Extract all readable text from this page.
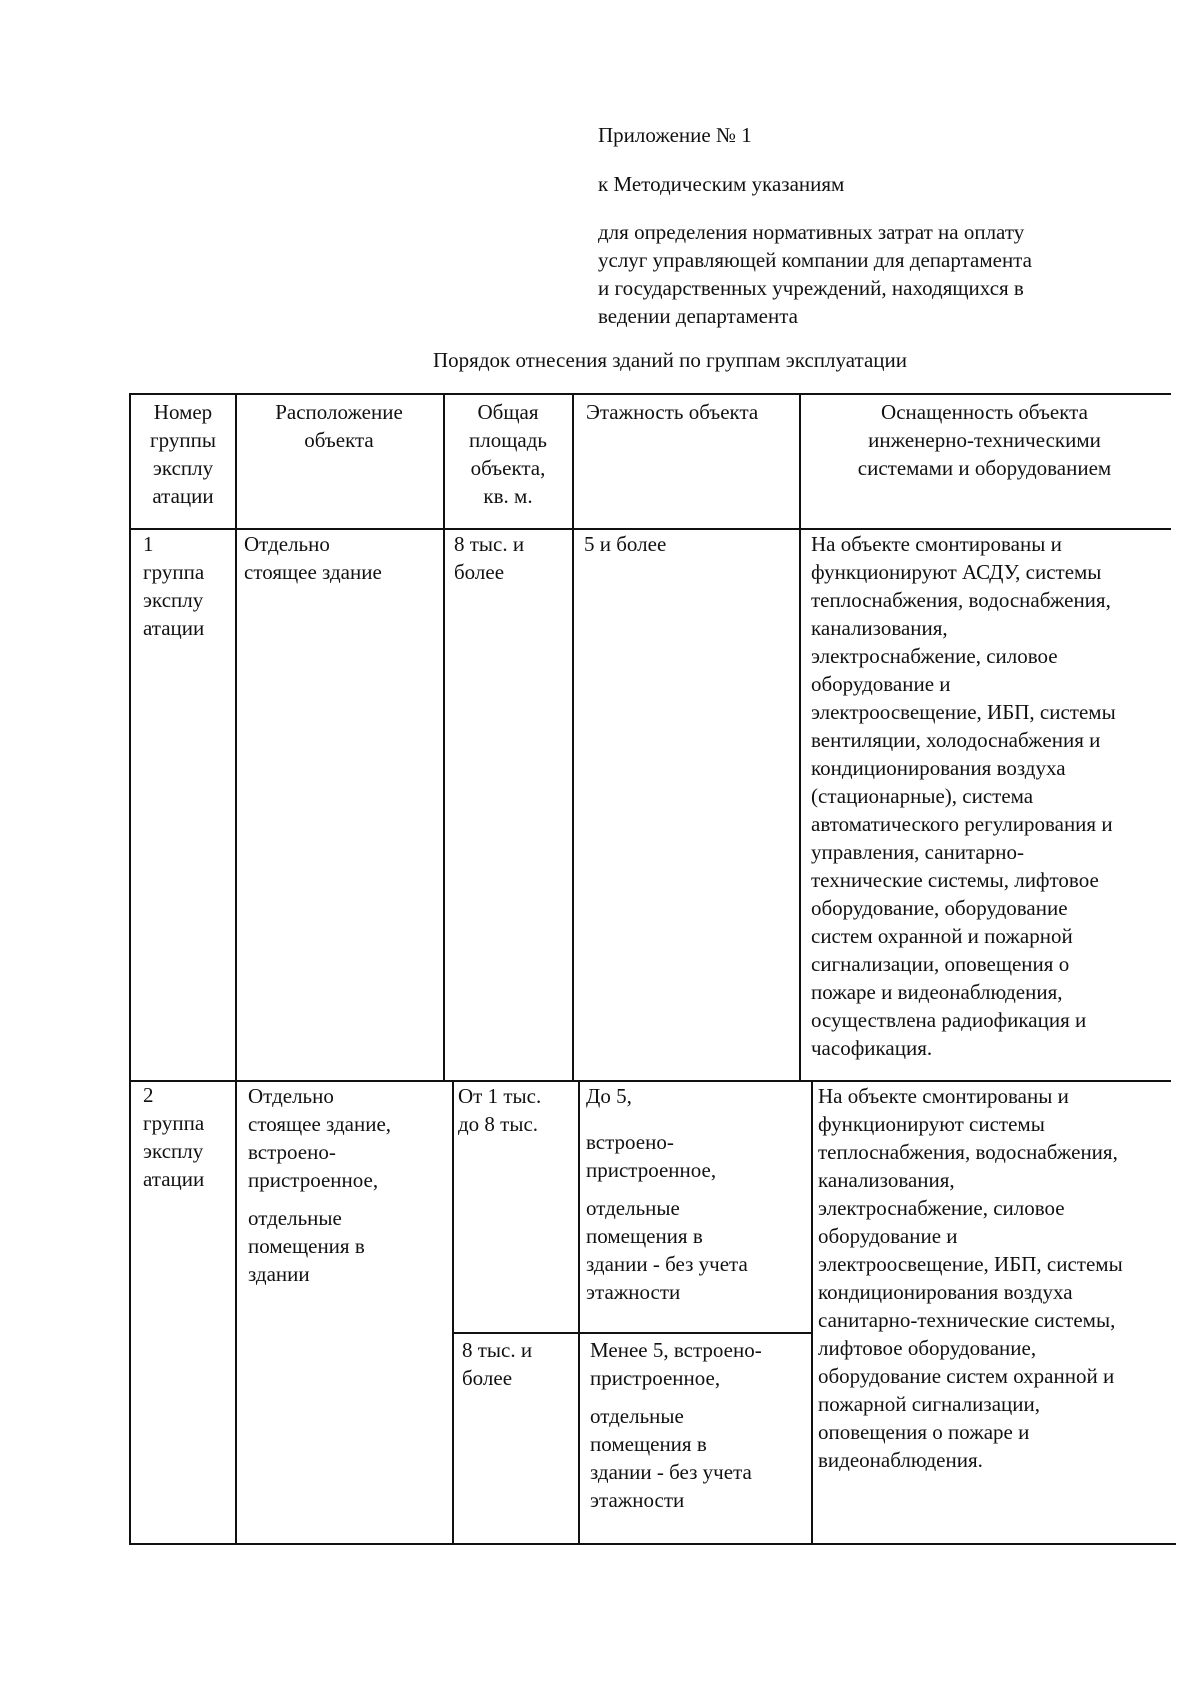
Приложение № 1
к Методическим указаниям
для определения нормативных затрат на оплату
услуг управляющей компании для департамента
и государственных учреждений, находящихся в
ведении департамента
Порядок отнесения зданий по группам эксплуатации
Номер
группы
эксплу
атации
Расположение
объекта
Общая
площадь
объекта,
кв. м.
Этажность объекта	Оснащенность объекта
инженерно-техническими
системами и оборудованием
1
группа
эксплу
атации
Отдельно
стоящее здание
8 тыс. и
более
5 и более	На объекте смонтированы и
функционируют АСДУ, системы
теплоснабжения, водоснабжения,
канализования,
электроснабжение, силовое
оборудование и
электроосвещение, ИБП, системы
вентиляции, холодоснабжения и
кондиционирования воздуха
(стационарные), система
автоматического регулирования и
управления, санитарно-
технические системы, лифтовое
оборудование, оборудование
систем охранной и пожарной
сигнализации, оповещения о
пожаре и видеонаблюдения,
осуществлена радиофикация и
часофикация.
2
группа
эксплу
атации
Отдельно
стоящее здание,
встроено-
пристроенное,
отдельные
помещения в
здании
От 1 тыс.
до 8 тыс.
До 5,
встроено-
пристроенное,
отдельные
помещения в
здании - без учета
этажности
8 тыс. и
более
Менее 5, встроено-
пристроенное,
отдельные
помещения в
здании - без учета
этажности
На объекте смонтированы и
функционируют системы
теплоснабжения, водоснабжения,
канализования,
электроснабжение, силовое
оборудование и
электроосвещение, ИБП, системы
кондиционирования воздуха
санитарно-технические системы,
лифтовое оборудование,
оборудование систем охранной и
пожарной сигнализации,
оповещения о пожаре и
видеонаблюдения.
